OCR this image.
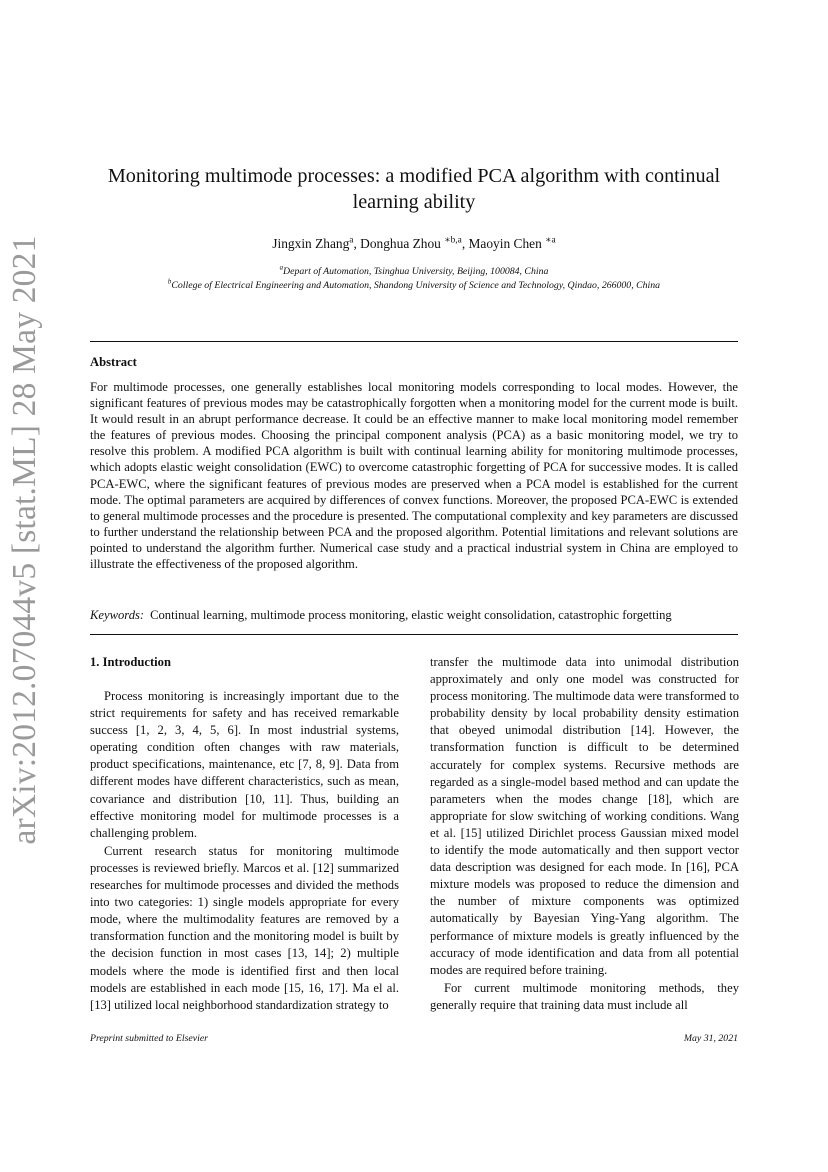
arXiv:2012.07044v5 [stat.ML] 28 May 2021
Monitoring multimode processes: a modified PCA algorithm with continual learning ability
Jingxin Zhang$^a$, Donghua Zhou $^{∗b,a}$, Maoyin Chen $^{∗a}$
$^a$Depart of Automation, Tsinghua University, Beijing, 100084, China
$^b$College of Electrical Engineering and Automation, Shandong University of Science and Technology, Qindao, 266000, China
Abstract

For multimode processes, one generally establishes local monitoring models corresponding to local modes. However, the significant features of previous modes may be catastrophically forgotten when a monitoring model for the current mode is built. It would result in an abrupt performance decrease. It could be an effective manner to make local monitoring model remember the features of previous modes. Choosing the principal component analysis (PCA) as a basic monitoring model, we try to resolve this problem. A modified PCA algorithm is built with continual learning ability for monitoring multimode processes, which adopts elastic weight consolidation (EWC) to overcome catastrophic forgetting of PCA for successive modes. It is called PCA-EWC, where the significant features of previous modes are preserved when a PCA model is established for the current mode. The optimal parameters are acquired by differences of convex functions. Moreover, the proposed PCA-EWC is extended to general multimode processes and the procedure is presented. The computational complexity and key parameters are discussed to further understand the relationship between PCA and the proposed algorithm. Potential limitations and relevant solutions are pointed to understand the algorithm further. Numerical case study and a practical industrial system in China are employed to illustrate the effectiveness of the proposed algorithm.

Keywords: Continual learning, multimode process monitoring, elastic weight consolidation, catastrophic forgetting
1. Introduction

Process monitoring is increasingly important due to the strict requirements for safety and has received remarkable success [1, 2, 3, 4, 5, 6]. In most industrial systems, operating condition often changes with raw materials, product specifications, maintenance, etc [7, 8, 9]. Data from different modes have different characteristics, such as mean, covariance and distribution [10, 11]. Thus, building an effective monitoring model for multimode processes is a challenging problem.

Current research status for monitoring multimode processes is reviewed briefly. Marcos et al. [12] summarized researches for multimode processes and divided the methods into two categories: 1) single models appropriate for every mode, where the multimodality features are removed by a transformation function and the monitoring model is built by the decision function in most cases [13, 14]; 2) multiple models where the mode is identified first and then local models are established in each mode [15, 16, 17]. Ma el al. [13] utilized local neighborhood standardization strategy to

transfer the multimode data into unimodal distribution approximately and only one model was constructed for process monitoring. The multimode data were transformed to probability density by local probability density estimation that obeyed unimodal distribution [14]. However, the transformation function is difficult to be determined accurately for complex systems. Recursive methods are regarded as a single-model based method and can update the parameters when the modes change [18], which are appropriate for slow switching of working conditions. Wang et al. [15] utilized Dirichlet process Gaussian mixed model to identify the mode automatically and then support vector data description was designed for each mode. In [16], PCA mixture models was proposed to reduce the dimension and the number of mixture components was optimized automatically by Bayesian Ying-Yang algorithm. The performance of mixture models is greatly influenced by the accuracy of mode identification and data from all potential modes are required before training.

For current multimode monitoring methods, they generally require that training data must include all

Preprint submitted to Elsevier	May 31, 2021
